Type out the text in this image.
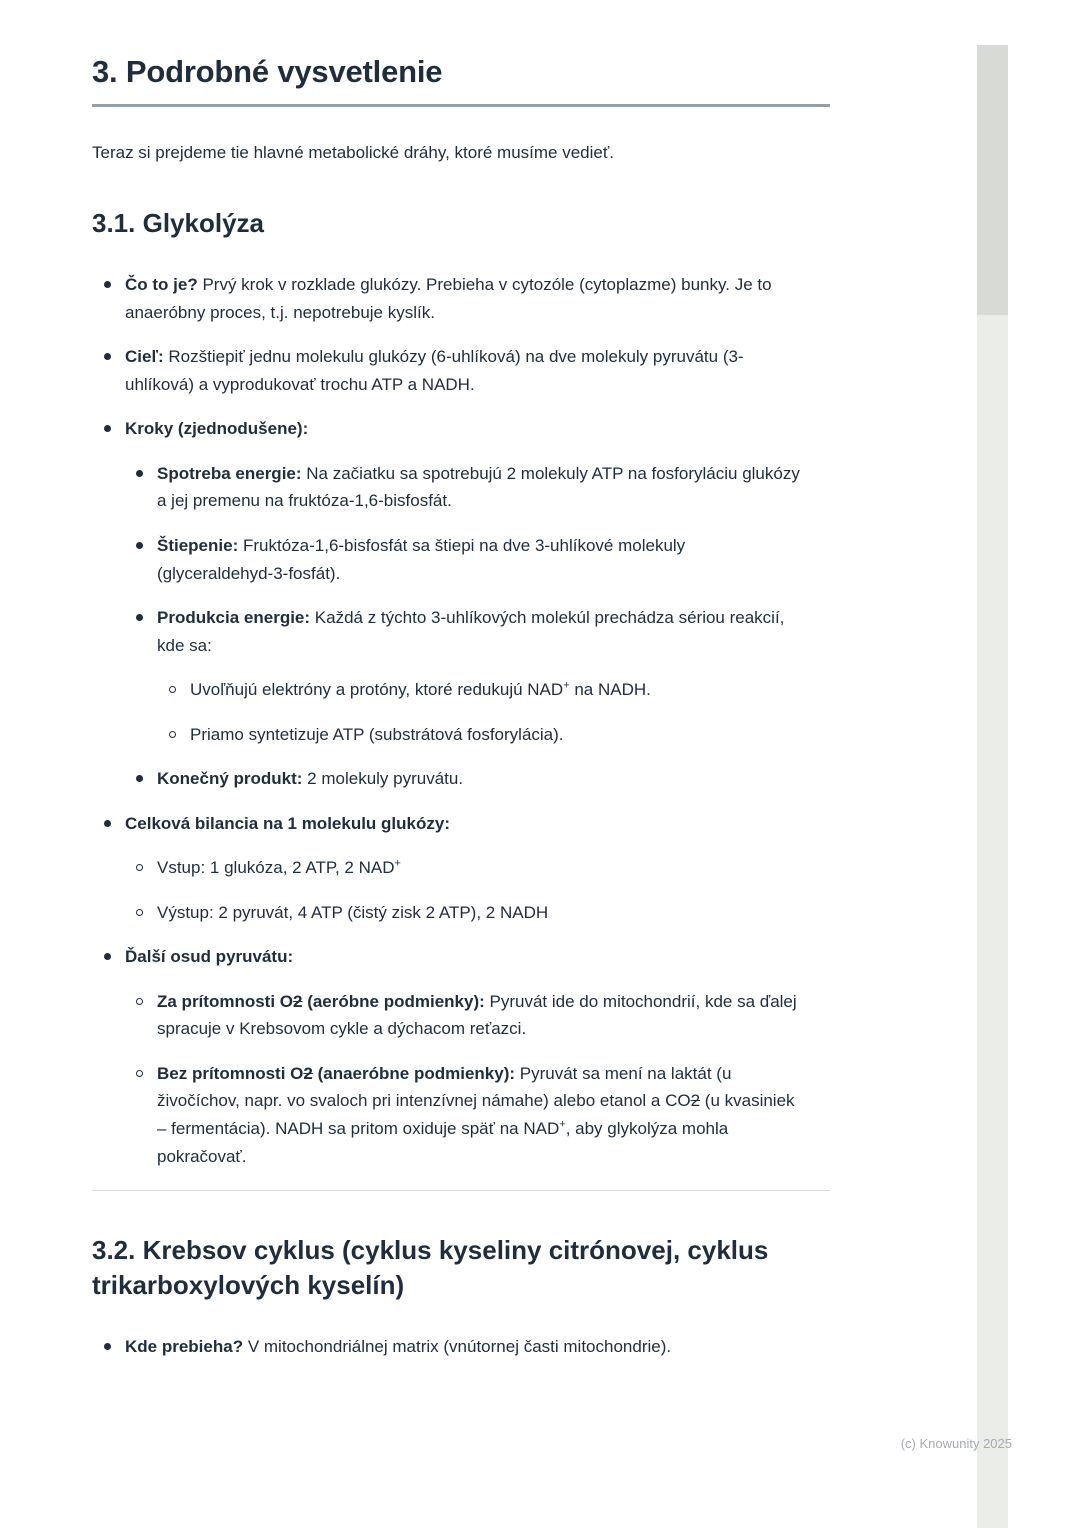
3. Podrobné vysvetlenie

Teraz si prejdeme tie hlavné metabolické dráhy, ktoré musíme vedieť.

3.1. Glykolýza
Čo to je? Prvý krok v rozklade glukózy. Prebieha v cytozóle (cytoplazme) bunky. Je to anaeróbny proces, t.j. nepotrebuje kyslík.
Cieľ: Rozštiepiť jednu molekulu glukózy (6-uhlíková) na dve molekuly pyruvátu (3-uhlíková) a vyprodukovať trochu ATP a NADH.
Kroky (zjednodušene):
Spotreba energie: Na začiatku sa spotrebujú 2 molekuly ATP na fosforyláciu glukózy a jej premenu na fruktóza-1,6-bisfosfát.
Štiepenie: Fruktóza-1,6-bisfosfát sa štiepi na dve 3-uhlíkové molekuly (glyceraldehyd-3-fosfát).
Produkcia energie: Každá z týchto 3-uhlíkových molekúl prechádza sériou reakcií, kde sa:
Uvoľňujú elektróny a protóny, ktoré redukujú NAD+ na NADH.
Priamo syntetizuje ATP (substrátová fosforylácia).
Konečný produkt: 2 molekuly pyruvátu.
Celková bilancia na 1 molekulu glukózy:
Vstup: 1 glukóza, 2 ATP, 2 NAD+
Výstup: 2 pyruvát, 4 ATP (čistý zisk 2 ATP), 2 NADH
Ďalší osud pyruvátu:
Za prítomnosti O2 (aeróbne podmienky): Pyruvát ide do mitochondrií, kde sa ďalej spracuje v Krebsovom cykle a dýchacom reťazci.
Bez prítomnosti O2 (anaeróbne podmienky): Pyruvát sa mení na laktát (u živočíchov, napr. vo svaloch pri intenzívnej námahe) alebo etanol a CO2 (u kvasiniek – fermentácia). NADH sa pritom oxiduje späť na NAD+, aby glykolýza mohla pokračovať.
3.2. Krebsov cyklus (cyklus kyseliny citrónovej, cyklus trikarboxylových kyselín)
Kde prebieha? V mitochondriálnej matrix (vnútornej časti mitochondrie).
(c) Knowunity 2025
